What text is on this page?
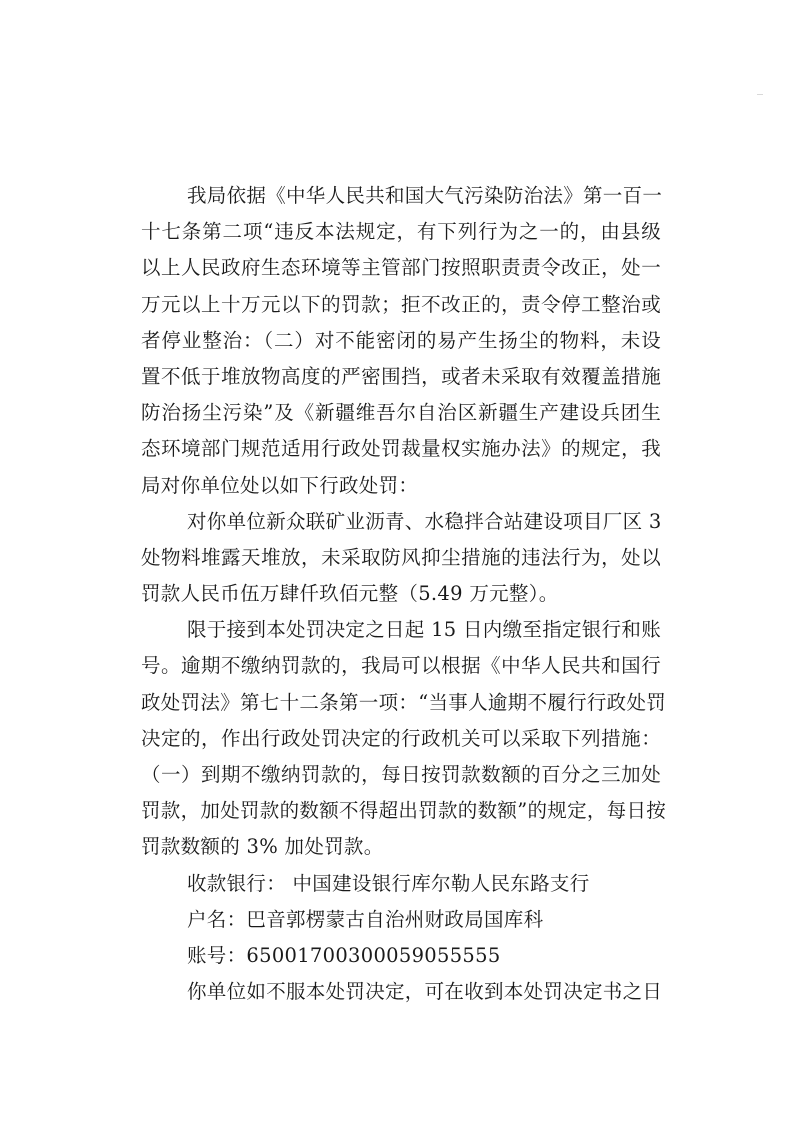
我局依据《中华人民共和国大气污染防治法》第一百一
十七条第二项“违反本法规定，有下列行为之一的，由县级
以上人民政府生态环境等主管部门按照职责责令改正，处一
万元以上十万元以下的罚款；拒不改正的，责令停工整治或
者停业整治：（二）对不能密闭的易产生扬尘的物料，未设
置不低于堆放物高度的严密围挡，或者未采取有效覆盖措施
防治扬尘污染”及《新疆维吾尔自治区新疆生产建设兵团生
态环境部门规范适用行政处罚裁量权实施办法》的规定，我
局对你单位处以如下行政处罚：
对你单位新众联矿业沥青、水稳拌合站建设项目厂区 3
处物料堆露天堆放，未采取防风抑尘措施的违法行为，处以
罚款人民币伍万肆仟玖佰元整（5.49 万元整）。
限于接到本处罚决定之日起 15 日内缴至指定银行和账
号。逾期不缴纳罚款的，我局可以根据《中华人民共和国行
政处罚法》第七十二条第一项：“当事人逾期不履行行政处罚
决定的，作出行政处罚决定的行政机关可以采取下列措施：
（一）到期不缴纳罚款的，每日按罚款数额的百分之三加处
罚款，加处罚款的数额不得超出罚款的数额”的规定，每日按
罚款数额的 3% 加处罚款。
收款银行： 中国建设银行库尔勒人民东路支行
户名：巴音郭楞蒙古自治州财政局国库科
账号：65001700300059055555
你单位如不服本处罚决定，可在收到本处罚决定书之日
